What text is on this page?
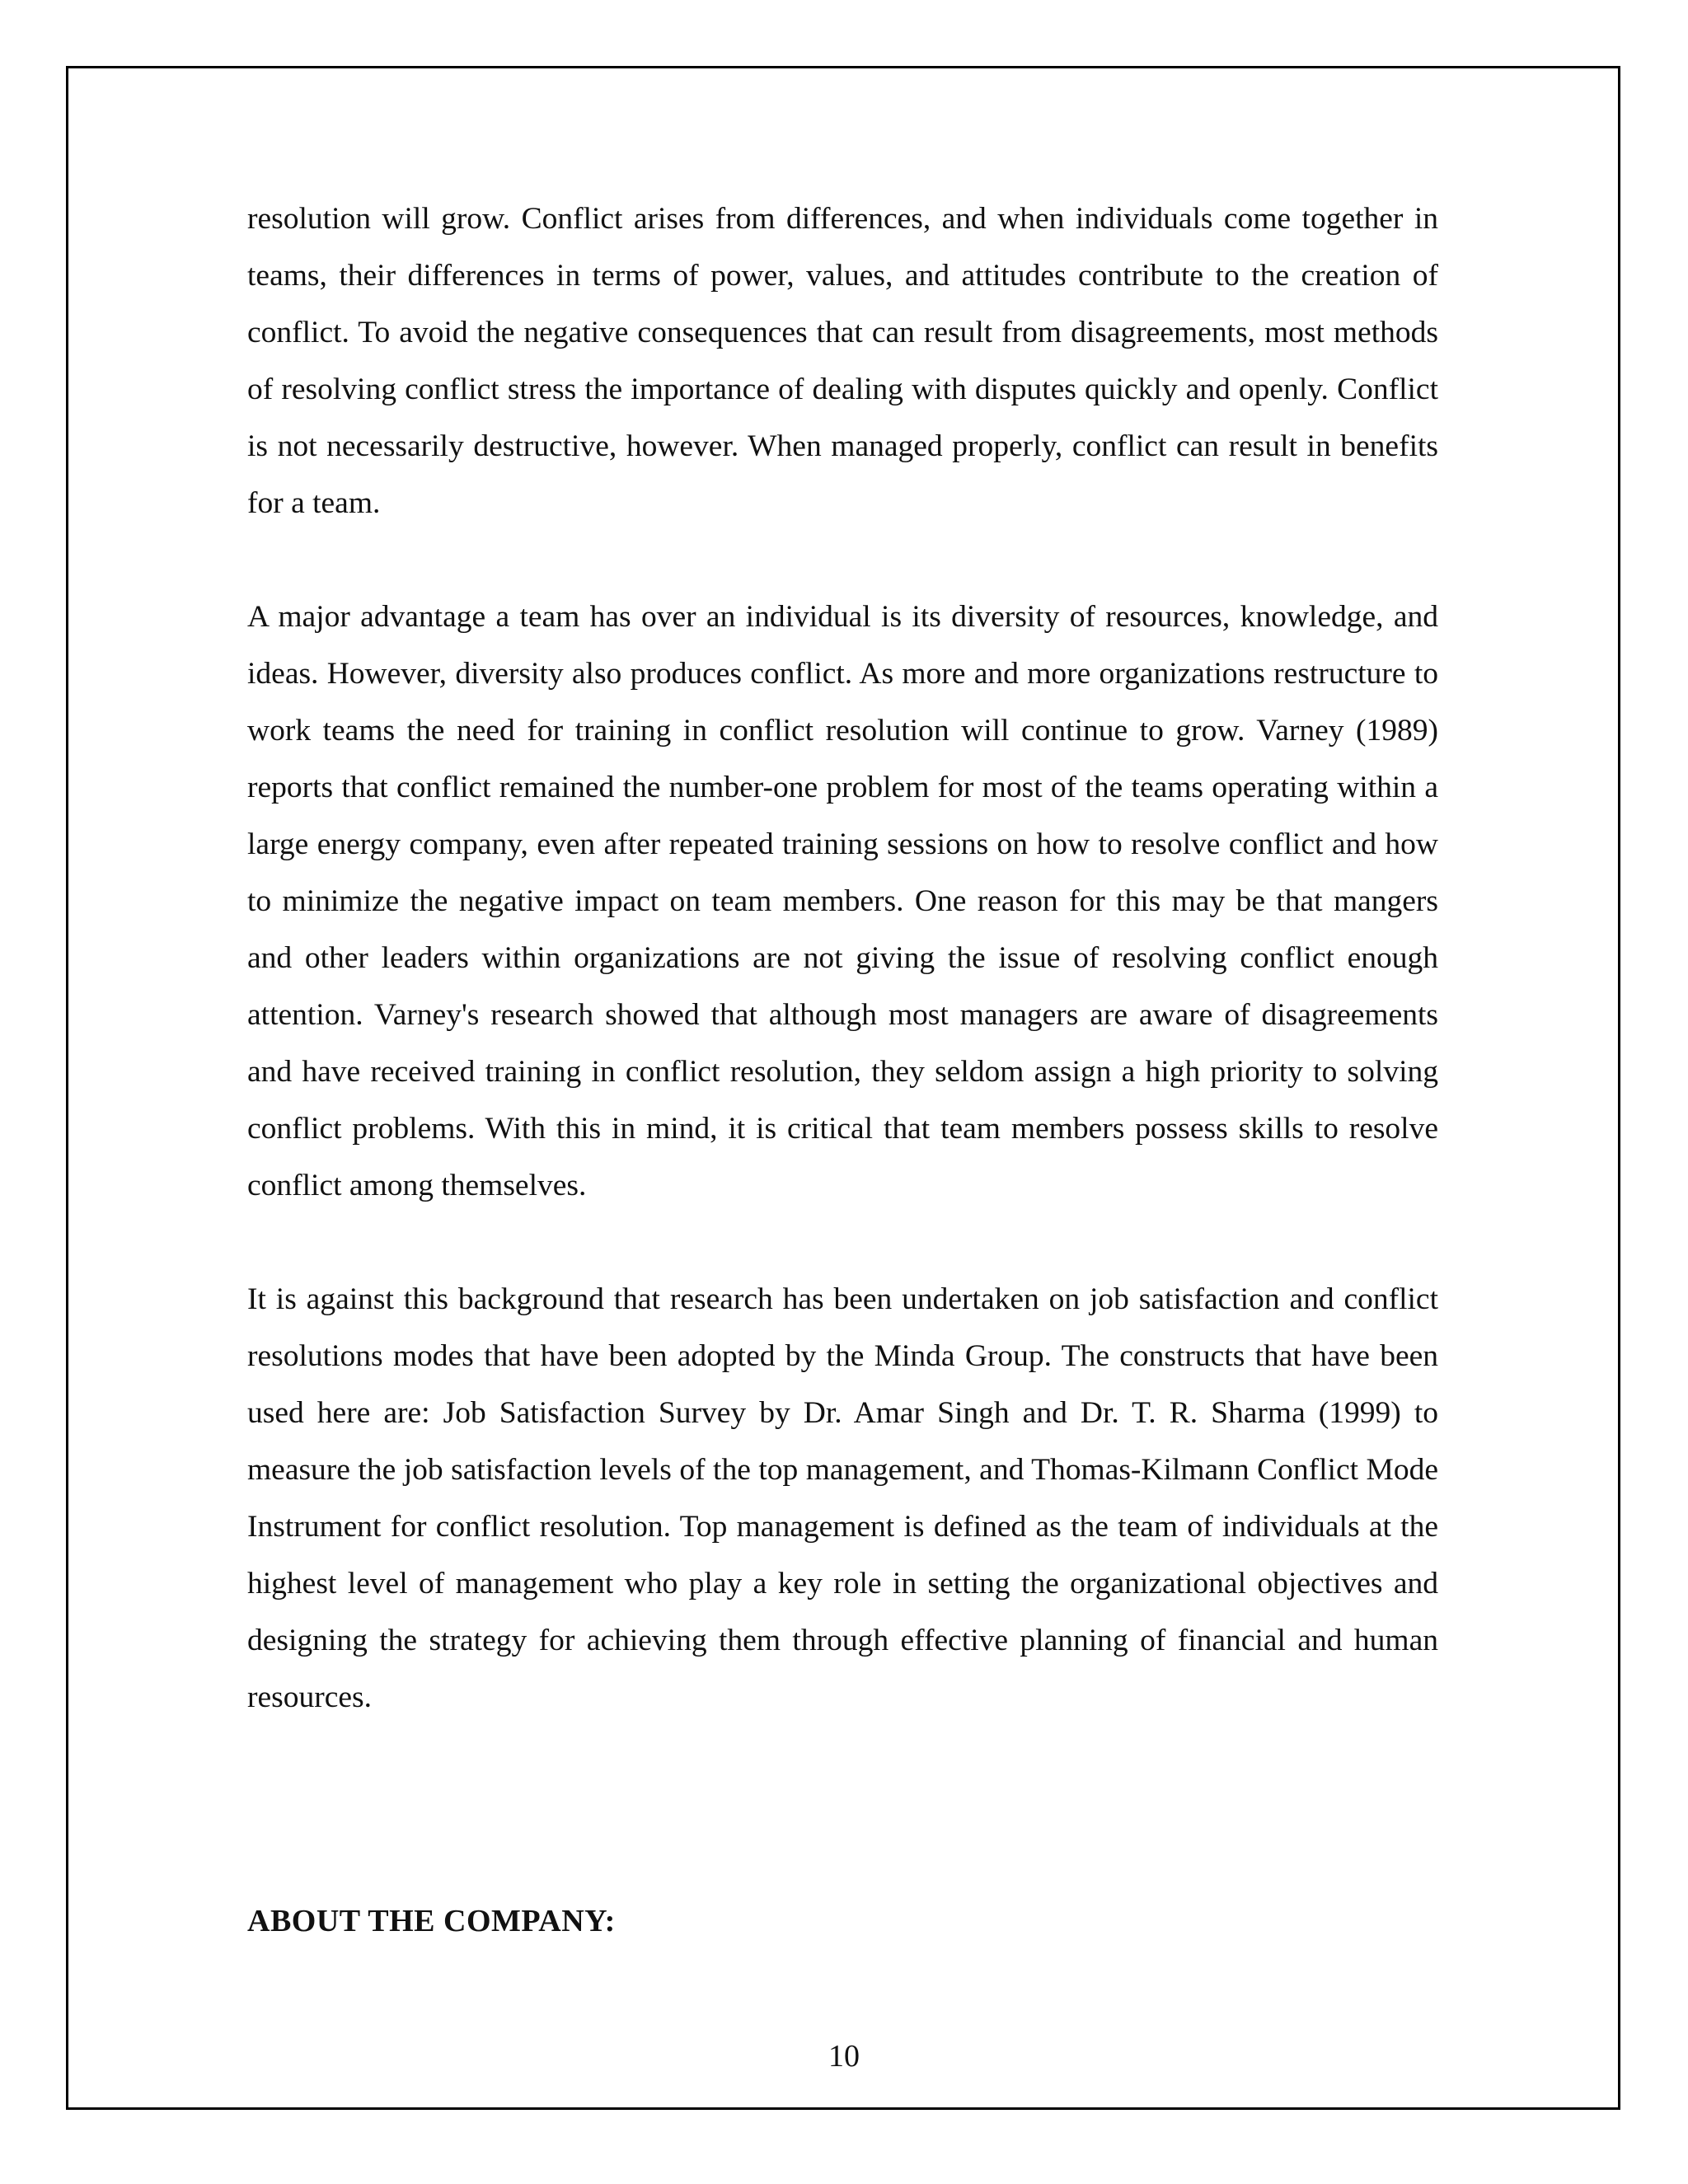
resolution will grow. Conflict arises from differences, and when individuals come together in teams, their differences in terms of power, values, and attitudes contribute to the creation of conflict. To avoid the negative consequences that can result from disagreements, most methods of resolving conflict stress the importance of dealing with disputes quickly and openly. Conflict is not necessarily destructive, however. When managed properly, conflict can result in benefits for a team.

A major advantage a team has over an individual is its diversity of resources, knowledge, and ideas. However, diversity also produces conflict. As more and more organizations restructure to work teams the need for training in conflict resolution will continue to grow. Varney (1989) reports that conflict remained the number-one problem for most of the teams operating within a large energy company, even after repeated training sessions on how to resolve conflict and how to minimize the negative impact on team members. One reason for this may be that mangers and other leaders within organizations are not giving the issue of resolving conflict enough attention. Varney's research showed that although most managers are aware of disagreements and have received training in conflict resolution, they seldom assign a high priority to solving conflict problems. With this in mind, it is critical that team members possess skills to resolve conflict among themselves.

It is against this background that research has been undertaken on job satisfaction and conflict resolutions modes that have been adopted by the Minda Group. The constructs that have been used here are: Job Satisfaction Survey by Dr. Amar Singh and Dr. T. R. Sharma (1999) to measure the job satisfaction levels of the top management, and Thomas-Kilmann Conflict Mode Instrument for conflict resolution. Top management is defined as the team of individuals at the highest level of management who play a key role in setting the organizational objectives and designing the strategy for achieving them through effective planning of financial and human resources.

ABOUT THE COMPANY:
10
